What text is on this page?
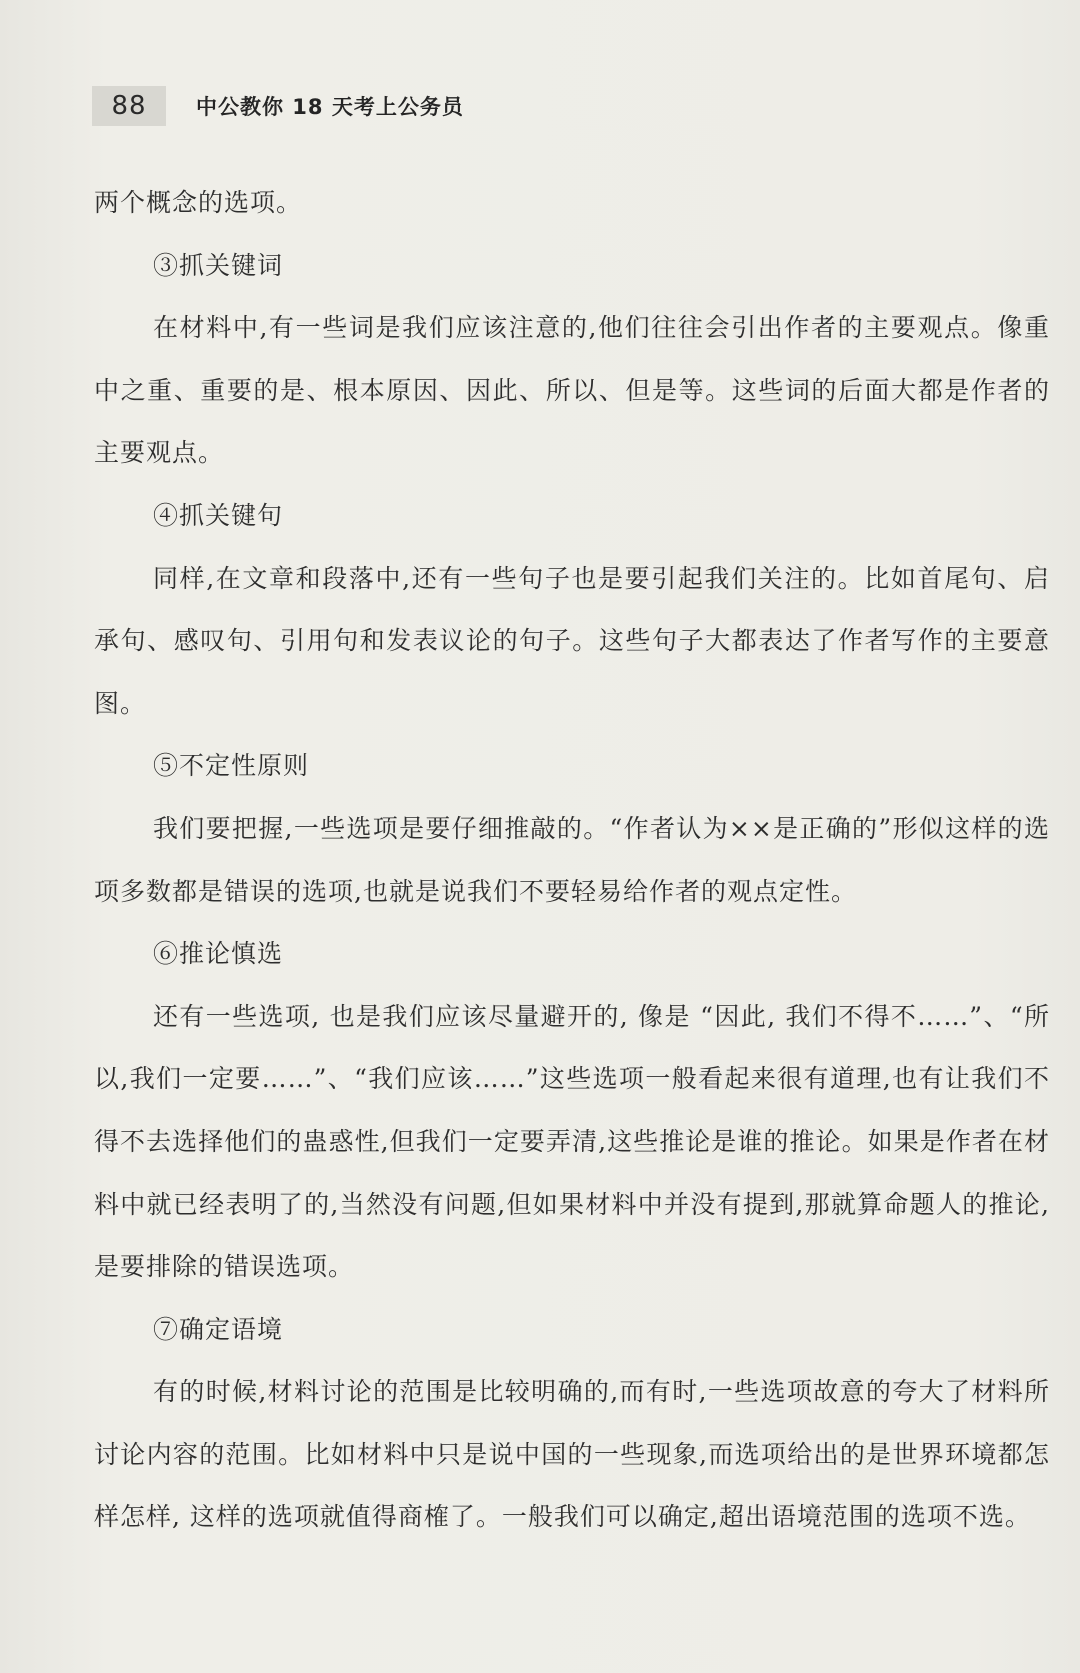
88	中公教你 18 天考上公务员

两个概念的选项。

③抓关键词

在材料中,有一些词是我们应该注意的,他们往往会引出作者的主要观点。像重中之重、重要的是、根本原因、因此、所以、但是等。这些词的后面大都是作者的主要观点。

④抓关键句

同样,在文章和段落中,还有一些句子也是要引起我们关注的。比如首尾句、启承句、感叹句、引用句和发表议论的句子。这些句子大都表达了作者写作的主要意图。

⑤不定性原则

我们要把握,一些选项是要仔细推敲的。“作者认为××是正确的”形似这样的选项多数都是错误的选项,也就是说我们不要轻易给作者的观点定性。

⑥推论慎选

还有一些选项, 也是我们应该尽量避开的, 像是 “因此, 我们不得不……”、“所以,我们一定要……”、“我们应该……”这些选项一般看起来很有道理,也有让我们不得不去选择他们的蛊惑性,但我们一定要弄清,这些推论是谁的推论。如果是作者在材料中就已经表明了的,当然没有问题,但如果材料中并没有提到,那就算命题人的推论,是要排除的错误选项。

⑦确定语境

有的时候,材料讨论的范围是比较明确的,而有时,一些选项故意的夸大了材料所讨论内容的范围。比如材料中只是说中国的一些现象,而选项给出的是世界环境都怎样怎样, 这样的选项就值得商榷了。一般我们可以确定,超出语境范围的选项不选。
